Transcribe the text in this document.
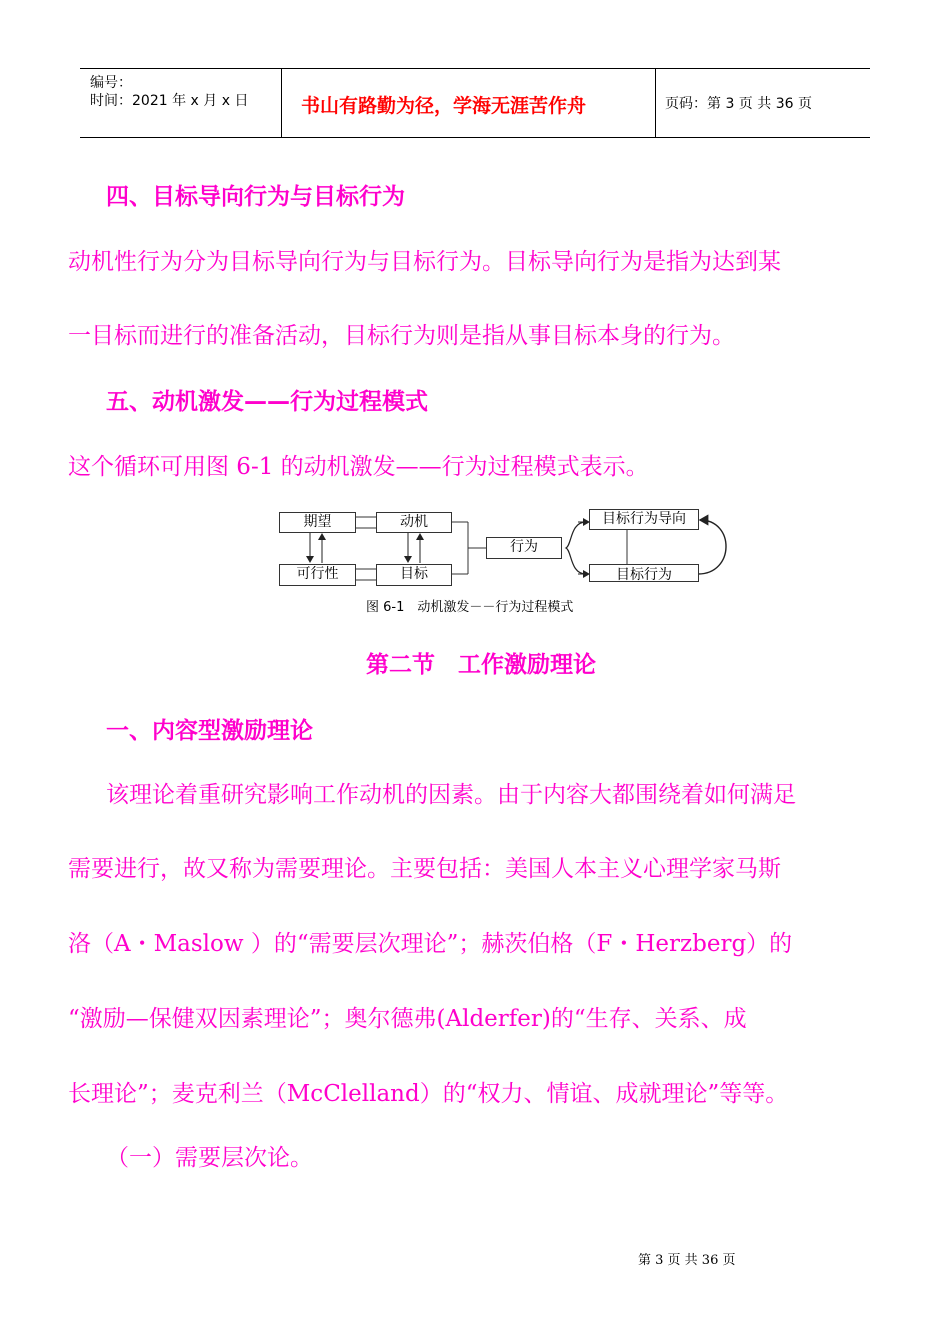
编号：
时间：2021 年 x 月 x 日	书山有路勤为径，学海无涯苦作舟	页码：第 3 页 共 36 页
四、目标导向行为与目标行为
动机性行为分为目标导向行为与目标行为。目标导向行为是指为达到某
一目标而进行的准备活动，目标行为则是指从事目标本身的行为。
五、动机激发——行为过程模式
这个循环可用图 6-1 的动机激发——行为过程模式表示。
期望
可行性
动机
目标
行为
目标行为导向
目标行为
图 6-1　动机激发－－行为过程模式
第二节　工作激励理论
一、内容型激励理论
该理论着重研究影响工作动机的因素。由于内容大都围绕着如何满足
需要进行，故又称为需要理论。主要包括：美国人本主义心理学家马斯
洛（A・Maslow ）的“需要层次理论”；赫茨伯格（F・Herzberg）的
“激励—保健双因素理论”；奥尔德弗(Alderfer)的“生存、关系、成
长理论”；麦克利兰（McClelland）的“权力、情谊、成就理论”等等。
（一）需要层次论。
第 3 页 共 36 页
